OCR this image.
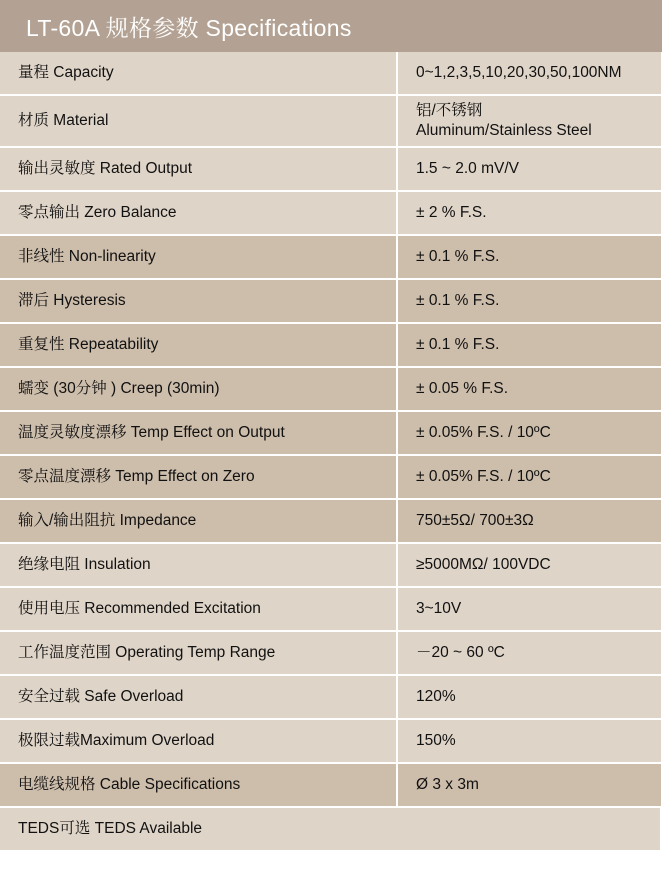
LT-60A 规格参数 Specifications
量程 Capacity	0~1,2,3,5,10,20,30,50,100NM
材质 Material	铝/不锈钢
Aluminum/Stainless Steel

输出灵敏度 Rated Output	1.5 ~ 2.0 mV/V
零点输出 Zero Balance	± 2 % F.S.
非线性 Non-linearity	± 0.1 % F.S.
滞后 Hysteresis	± 0.1 % F.S.
重复性 Repeatability	± 0.1 % F.S.
蠕变 (30分钟 ) Creep (30min)	± 0.05 % F.S.
温度灵敏度漂移 Temp Effect on Output	± 0.05% F.S. / 10ºC
零点温度漂移 Temp Effect on Zero	± 0.05% F.S. / 10ºC
输入/输出阻抗 Impedance	750±5Ω/ 700±3Ω
绝缘电阻 Insulation	≥5000MΩ/ 100VDC
使用电压 Recommended Excitation	3~10V
工作温度范围 Operating Temp Range	－20 ~ 60 ºC
安全过载 Safe Overload	120%
极限过载Maximum Overload	150%
电缆线规格 Cable Specifications	Ø 3 x 3m
TEDS可选 TEDS Available	
